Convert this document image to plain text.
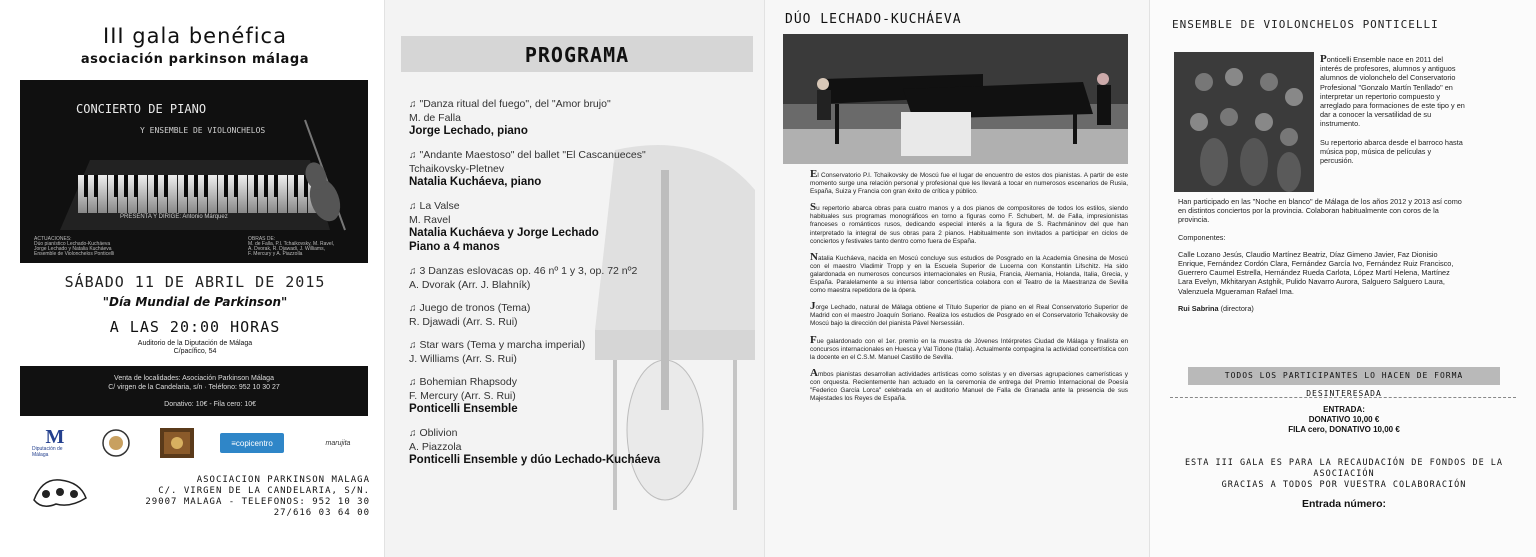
III gala benéfica
asociación parkinson málaga
CONCIERTO DE PIANO
Y ENSEMBLE DE VIOLONCHELOS
PRESENTA Y DIRIGE: Antonio Márquez
ACTUACIONES:
Dúo pianístico Lechado-Kucháeva
Jorge Lechado y Natalia Kucháeva
Ensemble de Violonchelos Ponticelli
OBRAS DE:
M. de Falla, P.I. Tchaikovsky, M. Ravel,
A. Dvorak, R. Djawadi, J. Williams,
F. Mercury y A. Piazzolla
SÁBADO 11 DE ABRIL DE 2015
"Día Mundial de Parkinson"
A LAS 20:00 HORAS
Auditorio de la Diputación de Málaga
C/pacífico, 54
Venta de localidades: Asociación Parkinson Málaga
C/ virgen de la Candelaria, s/n · Teléfono: 952 10 30 27
Donativo: 10€ - Fila cero: 10€
M
Diputación de Málaga
≡copicentro	marujita
ASOCIACION PARKINSON MALAGA
C/. VIRGEN DE LA CANDELARIA, S/N.
29007 MALAGA - TELEFONOS: 952 10 30 27/616 03 64 00
PROGRAMA
♫ "Danza ritual del fuego", del "Amor brujo"
M. de Falla
Jorge Lechado, piano
♫ "Andante Maestoso" del ballet "El Cascanueces"
Tchaikovsky-Pletnev
Natalia Kucháeva, piano
♫ La Valse
M. Ravel
Natalia Kucháeva y Jorge Lechado
Piano a 4 manos
♫ 3 Danzas eslovacas op. 46 nº 1 y 3, op. 72 nº2
A. Dvorak (Arr. J. Blahník)
♫ Juego de tronos (Tema)
R. Djawadi (Arr. S. Rui)
♫ Star wars (Tema y marcha imperial)
J. Williams (Arr. S. Rui)
♫ Bohemian Rhapsody
F. Mercury (Arr. S. Rui)
Ponticelli Ensemble
♫ Oblivion
A. Piazzola
Ponticelli Ensemble y dúo Lechado-Kucháeva
DÚO LECHADO-KUCHÁEVA

El Conservatorio P.I. Tchaikovsky de Moscú fue el lugar de encuentro de estos dos pianistas. A partir de este momento surge una relación personal y profesional que les llevará a tocar en numerosos escenarios de Rusia, España, Suiza y Francia con gran éxito de crítica y público.

Su repertorio abarca obras para cuatro manos y a dos pianos de compositores de todos los estilos, siendo habituales sus programas monográficos en torno a figuras como F. Schubert, M. de Falla, impresionistas franceses o románticos rusos, dedicando especial interés a la figura de S. Rachmáninov del que han interpretado la integral de sus obras para 2 pianos. Habitualmente son invitados a participar en ciclos de conciertos y festivales tanto dentro como fuera de España.

Natalia Kucháeva, nacida en Moscú concluye sus estudios de Posgrado en la Academia Gnesina de Moscú con el maestro Vladimir Tropp y en la Escuela Superior de Lucerna con Konstantin Lifschitz. Ha sido galardonada en numerosos concursos internacionales en Rusia, Francia, Alemania, Holanda, Italia, Grecia, y España. Paralelamente a su intensa labor concertística colabora con el Teatro de la Maestranza de Sevilla como maestra repetidora de la ópera.

Jorge Lechado, natural de Málaga obtiene el Título Superior de piano en el Real Conservatorio Superior de Madrid con el maestro Joaquín Soriano. Realiza los estudios de Posgrado en el Conservatorio Tchaikovsky de Moscú bajo la dirección del pianista Pável Nersessián.

Fue galardonado con el 1er. premio en la muestra de Jóvenes Intérpretes Ciudad de Málaga y finalista en concursos internacionales en Huesca y Val Tidone (Italia). Actualmente compagina la actividad concertística con la docente en el C.S.M. Manuel Castillo de Sevilla.

Ambos pianistas desarrollan actividades artísticas como solistas y en diversas agrupaciones camerísticas y con orquesta. Recientemente han actuado en la ceremonia de entrega del Premio Internacional de Poesía "Federico García Lorca" celebrada en el auditorio Manuel de Falla de Granada ante la presencia de sus Majestades los Reyes de España.

ENSEMBLE DE VIOLONCHELOS PONTICELLI

Ponticelli Ensemble nace en 2011 del interés de profesores, alumnos y antiguos alumnos de violonchelo del Conservatorio Profesional "Gonzalo Martín Tenllado" en interpretar un repertorio compuesto y arreglado para formaciones de este tipo y en dar a conocer la versatilidad de su instrumento.

Su repertorio abarca desde el barroco hasta música pop, música de películas y percusión.

Han participado en las "Noche en blanco" de Málaga de los años 2012 y 2013 así como en distintos conciertos por la provincia. Colaboran habitualmente con coros de la provincia.

Componentes:

Calle Lozano Jesús, Claudio Martínez Beatriz, Díaz Gimeno Javier, Faz Dionisio Enrique, Fernández Cordón Clara, Fernández García Ivo, Fernández Ruiz Francisco, Guerrero Caumel Estrella, Hernández Rueda Carlota, López Martí Helena, Martínez Lara Evelyn, Mkhitaryan Astghik, Pulido Navarro Aurora, Salguero Salguero Laura, Valenzuela Mgueraman Rafael Ima.

Rui Sabrina (directora)

TODOS LOS PARTICIPANTES LO HACEN DE FORMA DESINTERESADA
ENTRADA:
DONATIVO 10,00 €
FILA cero, DONATIVO 10,00 €
ESTA III GALA ES PARA LA RECAUDACIÓN DE FONDOS DE LA ASOCIACIÓN
GRACIAS A TODOS POR VUESTRA COLABORACIÓN
Entrada número:
